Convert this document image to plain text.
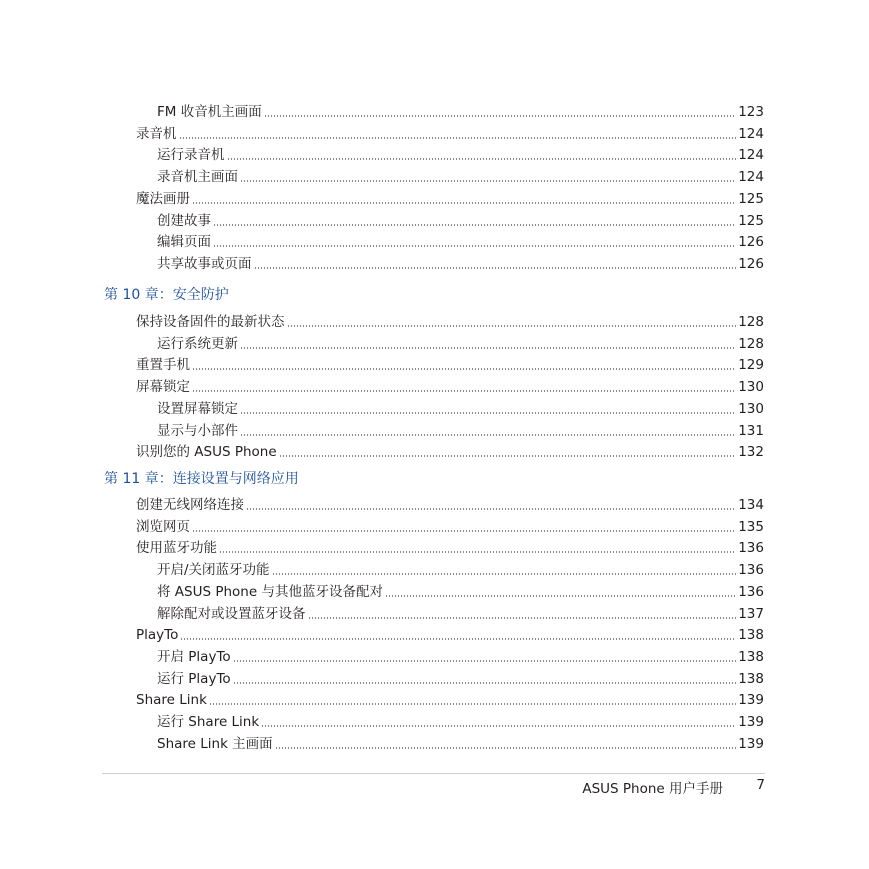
FM 收音机主画面	123
录音机	124
运行录音机	124
录音机主画面	124
魔法画册	125
创建故事	125
编辑页面	126
共享故事或页面	126
第 10 章：安全防护
保持设备固件的最新状态	128
运行系统更新	128
重置手机	129
屏幕锁定	130
设置屏幕锁定	130
显示与小部件	131
识别您的 ASUS Phone	132
第 11 章：连接设置与网络应用
创建无线网络连接	134
浏览网页	135
使用蓝牙功能	136
开启/关闭蓝牙功能	136
将 ASUS Phone 与其他蓝牙设备配对	136
解除配对或设置蓝牙设备	137
PlayTo	138
开启 PlayTo	138
运行 PlayTo	138
Share Link	139
运行 Share Link	139
Share Link 主画面	139
ASUS Phone 用户手册 7
